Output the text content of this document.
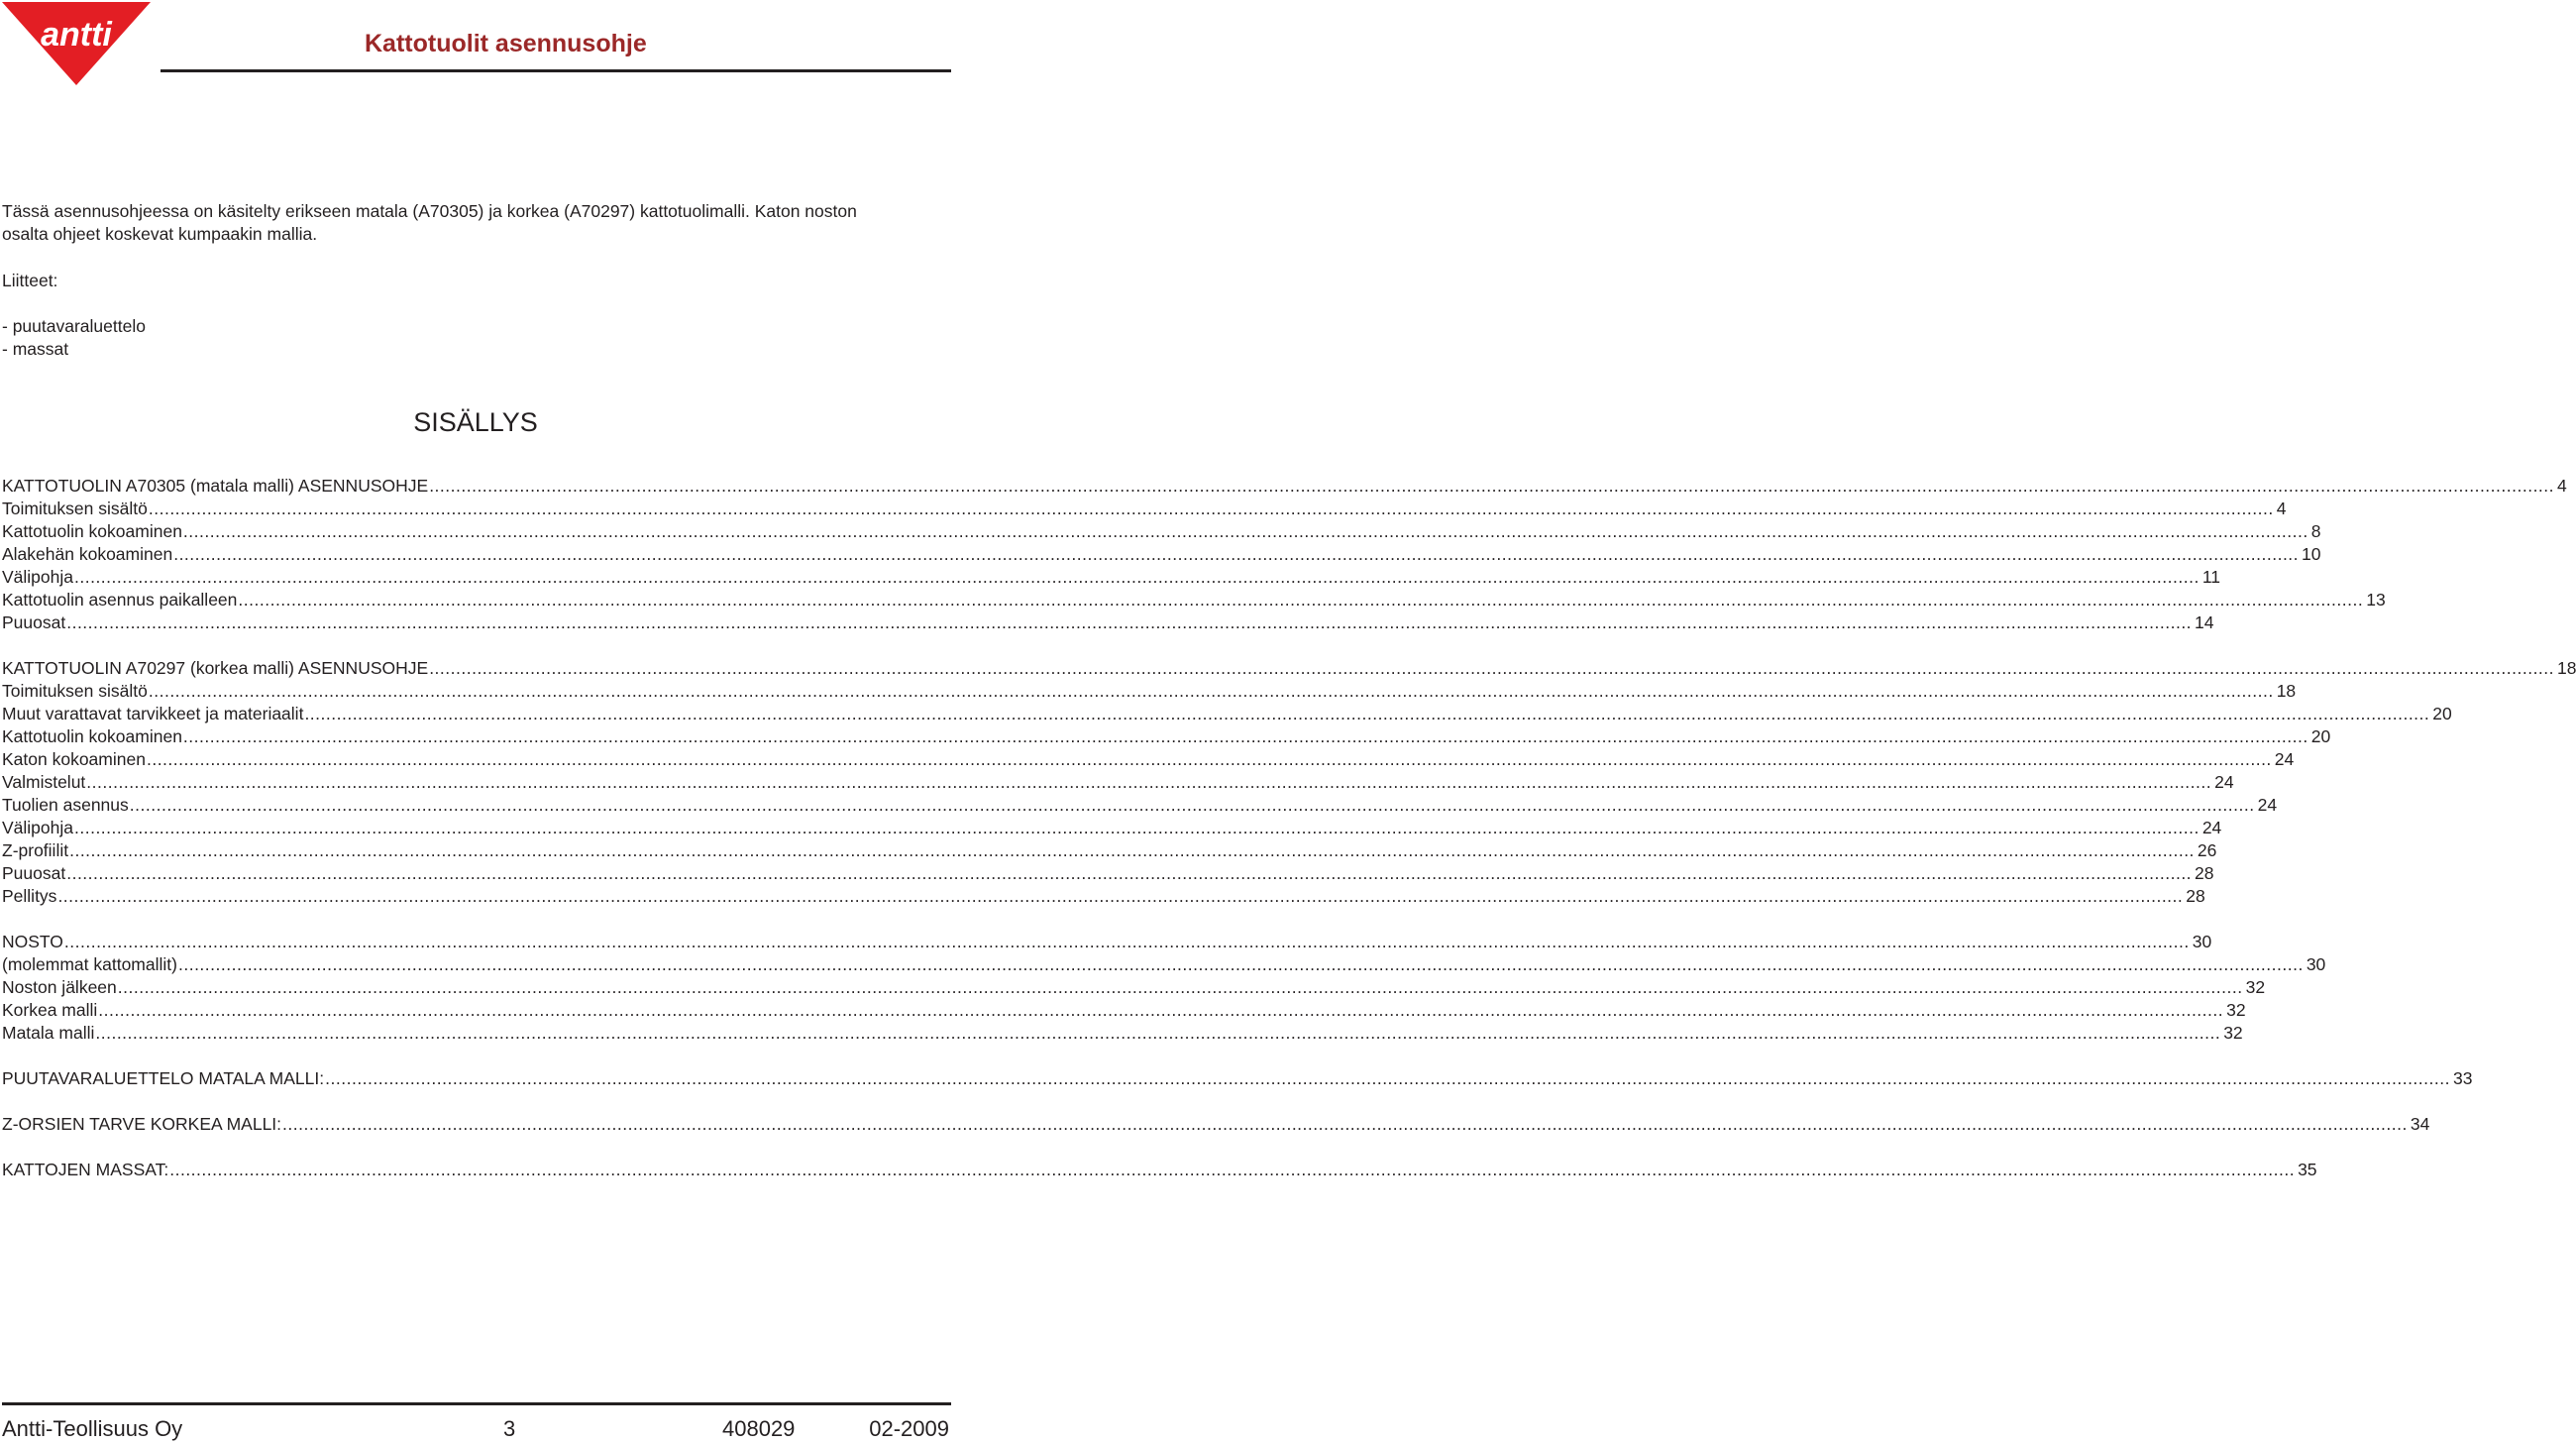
antti	Kattotuolit asennusohje
Tässä asennusohjeessa on käsitelty erikseen matala (A70305) ja korkea (A70297) kattotuolimalli. Katon noston
osalta ohjeet koskevat kumpaakin mallia.
Liitteet:
- puutavaraluettelo
- massat
SISÄLLYS
KATTOTUOLIN A70305 (matala malli) ASENNUSOHJE ................................................................................................................................................................................................................................................................................................................................................................................................................ 4
Toimituksen sisältö ................................................................................................................................................................................................................................................................................................................................................................................................................ 4
Kattotuolin kokoaminen ................................................................................................................................................................................................................................................................................................................................................................................................................ 8
Alakehän kokoaminen ................................................................................................................................................................................................................................................................................................................................................................................................................ 10
Välipohja ................................................................................................................................................................................................................................................................................................................................................................................................................ 11
Kattotuolin asennus paikalleen ................................................................................................................................................................................................................................................................................................................................................................................................................ 13
Puuosat ................................................................................................................................................................................................................................................................................................................................................................................................................ 14
KATTOTUOLIN A70297 (korkea malli) ASENNUSOHJE ................................................................................................................................................................................................................................................................................................................................................................................................................ 18
Toimituksen sisältö ................................................................................................................................................................................................................................................................................................................................................................................................................ 18
Muut varattavat tarvikkeet ja materiaalit ................................................................................................................................................................................................................................................................................................................................................................................................................ 20
Kattotuolin kokoaminen ................................................................................................................................................................................................................................................................................................................................................................................................................ 20
Katon kokoaminen ................................................................................................................................................................................................................................................................................................................................................................................................................ 24
Valmistelut ................................................................................................................................................................................................................................................................................................................................................................................................................ 24
Tuolien asennus ................................................................................................................................................................................................................................................................................................................................................................................................................ 24
Välipohja ................................................................................................................................................................................................................................................................................................................................................................................................................ 24
Z-profiilit ................................................................................................................................................................................................................................................................................................................................................................................................................ 26
Puuosat ................................................................................................................................................................................................................................................................................................................................................................................................................ 28
Pellitys ................................................................................................................................................................................................................................................................................................................................................................................................................ 28
NOSTO ................................................................................................................................................................................................................................................................................................................................................................................................................ 30
(molemmat kattomallit) ................................................................................................................................................................................................................................................................................................................................................................................................................ 30
Noston jälkeen ................................................................................................................................................................................................................................................................................................................................................................................................................ 32
Korkea malli ................................................................................................................................................................................................................................................................................................................................................................................................................ 32
Matala malli ................................................................................................................................................................................................................................................................................................................................................................................................................ 32
PUUTAVARALUETTELO MATALA MALLI: ................................................................................................................................................................................................................................................................................................................................................................................................................ 33
Z-ORSIEN TARVE KORKEA MALLI: ................................................................................................................................................................................................................................................................................................................................................................................................................ 34
KATTOJEN MASSAT: ................................................................................................................................................................................................................................................................................................................................................................................................................ 35
Antti-Teollisuus Oy	3	408029	02-2009
